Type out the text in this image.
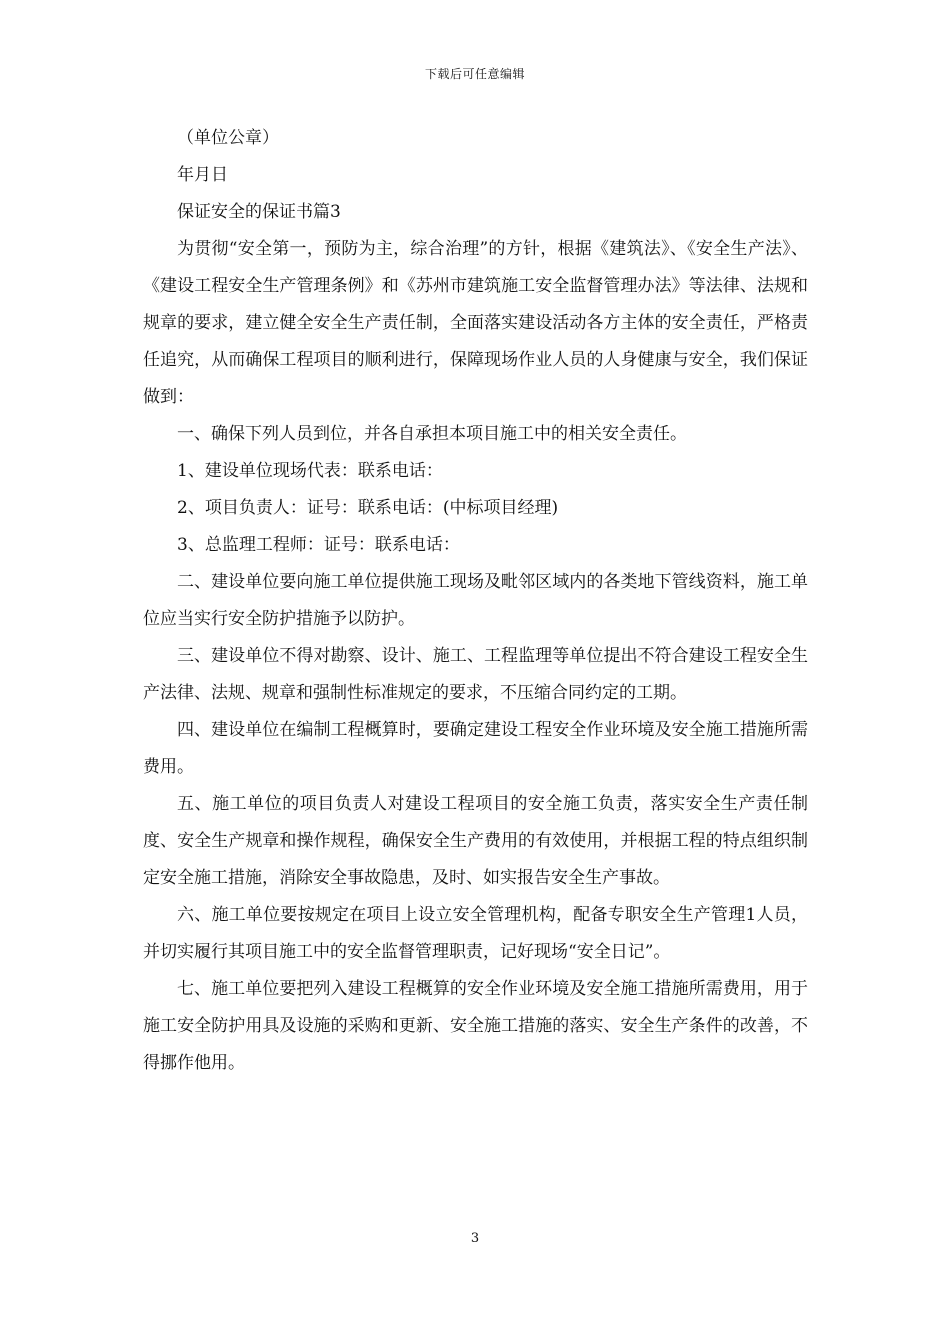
下载后可任意编辑

（单位公章）

年月日

保证安全的保证书篇3

为贯彻“安全第一，预防为主，综合治理”的方针，根据《建筑法》、《安全生产法》、《建设工程安全生产管理条例》和《苏州市建筑施工安全监督管理办法》等法律、法规和规章的要求，建立健全安全生产责任制，全面落实建设活动各方主体的安全责任，严格责任追究，从而确保工程项目的顺利进行，保障现场作业人员的人身健康与安全，我们保证做到：

一、确保下列人员到位，并各自承担本项目施工中的相关安全责任。

1、建设单位现场代表：联系电话：

2、项目负责人：证号：联系电话：(中标项目经理)

3、总监理工程师：证号：联系电话：

二、建设单位要向施工单位提供施工现场及毗邻区域内的各类地下管线资料，施工单位应当实行安全防护措施予以防护。

三、建设单位不得对勘察、设计、施工、工程监理等单位提出不符合建设工程安全生产法律、法规、规章和强制性标准规定的要求，不压缩合同约定的工期。

四、建设单位在编制工程概算时，要确定建设工程安全作业环境及安全施工措施所需费用。

五、施工单位的项目负责人对建设工程项目的安全施工负责，落实安全生产责任制度、安全生产规章和操作规程，确保安全生产费用的有效使用，并根据工程的特点组织制定安全施工措施，消除安全事故隐患，及时、如实报告安全生产事故。

六、施工单位要按规定在项目上设立安全管理机构，配备专职安全生产管理1人员，并切实履行其项目施工中的安全监督管理职责，记好现场“安全日记”。

七、施工单位要把列入建设工程概算的安全作业环境及安全施工措施所需费用，用于施工安全防护用具及设施的采购和更新、安全施工措施的落实、安全生产条件的改善，不得挪作他用。

3
